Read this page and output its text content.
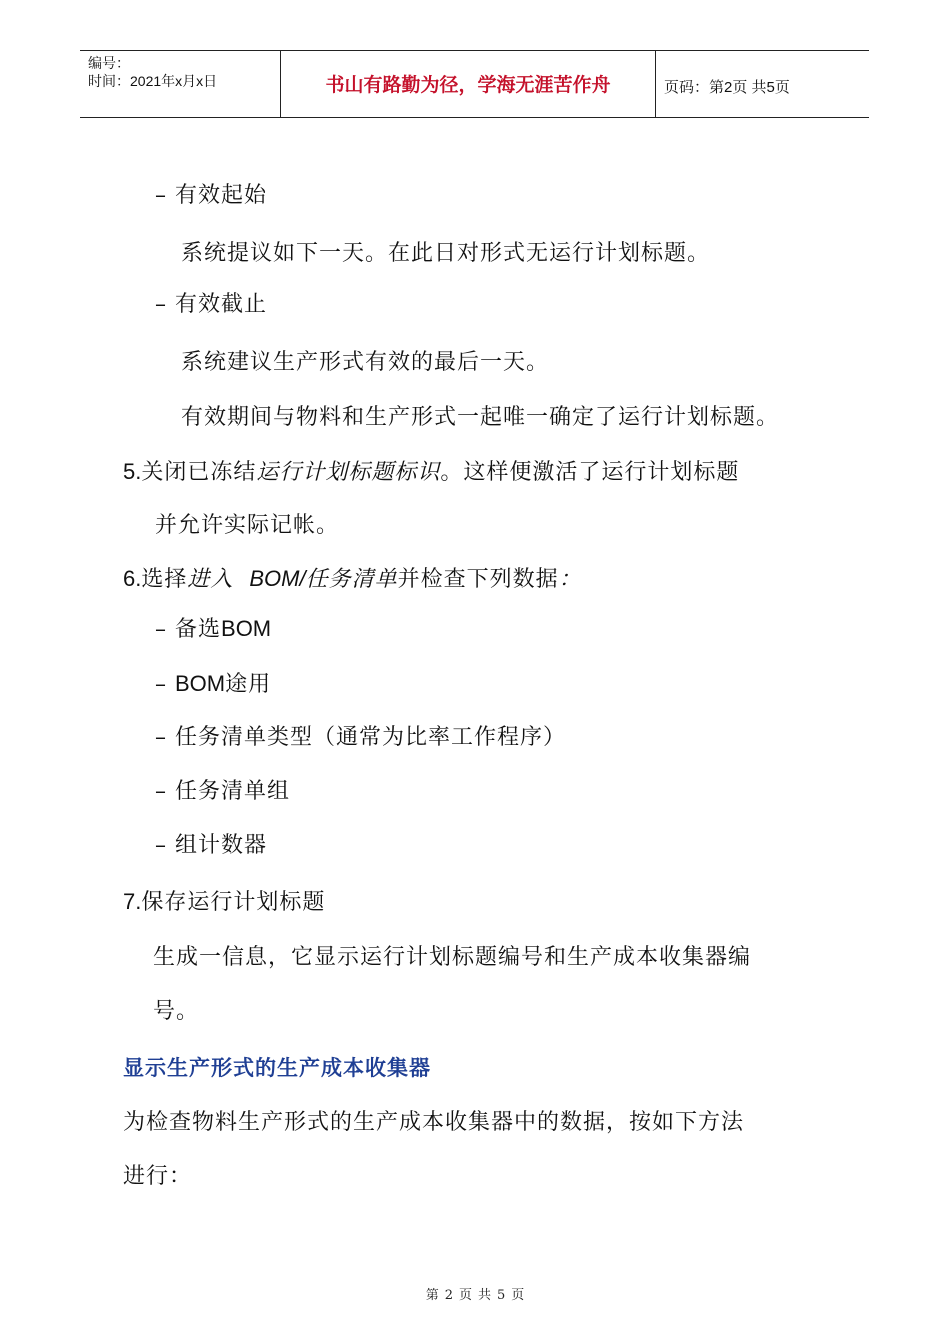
编号：
时间：2021年x月x日	书山有路勤为径，学海无涯苦作舟	页码：第2页 共5页
– 有效起始
系统提议如下一天。在此日对形式无运行计划标题。
– 有效截止
系统建议生产形式有效的最后一天。
有效期间与物料和生产形式一起唯一确定了运行计划标题。
5.关闭已冻结运行计划标题标识。这样便激活了运行计划标题
并允许实际记帐。
6.选择进入  BOM/任务清单并检查下列数据：
– 备选BOM
– BOM途用
– 任务清单类型（通常为比率工作程序）
– 任务清单组
– 组计数器
7.保存运行计划标题
生成一信息，它显示运行计划标题编号和生产成本收集器编
号。
显示生产形式的生产成本收集器
为检查物料生产形式的生产成本收集器中的数据，按如下方法
进行：
第 2 页 共 5 页
